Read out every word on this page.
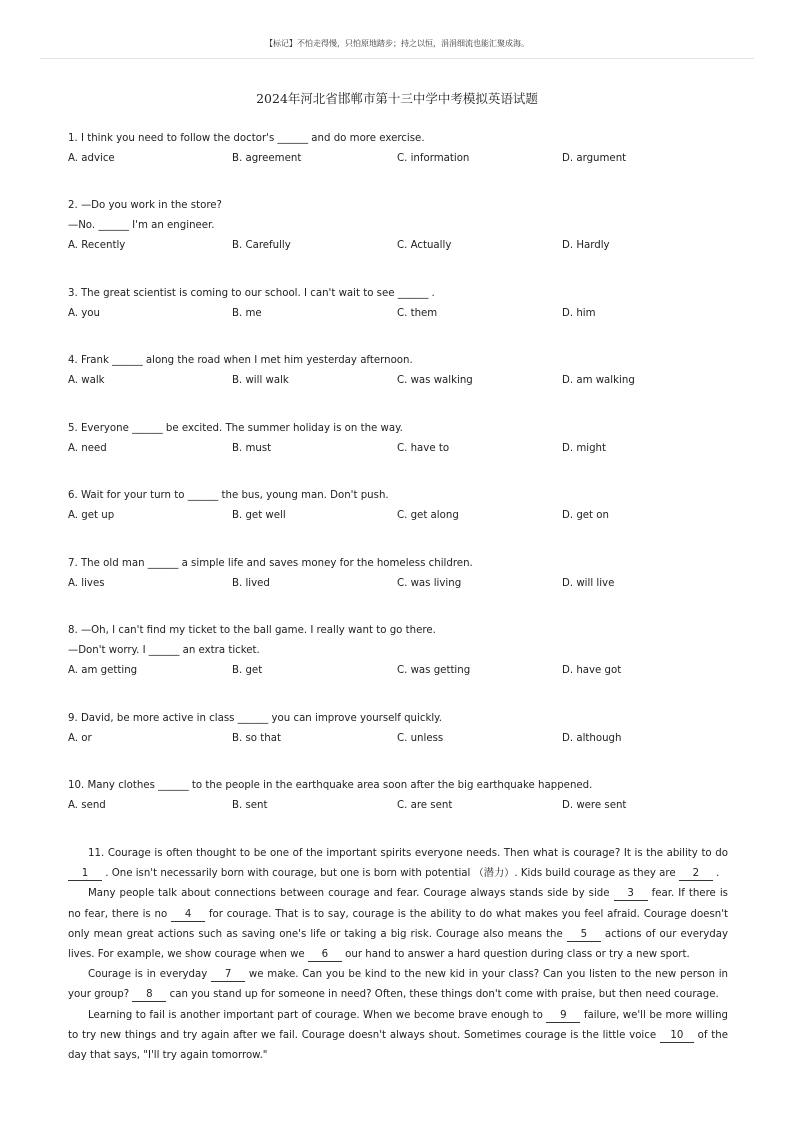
【标记】不怕走得慢，只怕原地踏步；持之以恒，涓涓细流也能汇聚成海。
2024年河北省邯郸市第十三中学中考模拟英语试题
1. I think you need to follow the doctor's ______ and do more exercise.
A. advice	B. agreement	C. information	D. argument
2. —Do you work in the store?
—No. ______ I'm an engineer.
A. Recently	B. Carefully	C. Actually	D. Hardly
3. The great scientist is coming to our school. I can't wait to see ______ .
A. you	B. me	C. them	D. him
4. Frank ______ along the road when I met him yesterday afternoon.
A. walk	B. will walk	C. was walking	D. am walking
5. Everyone ______ be excited. The summer holiday is on the way.
A. need	B. must	C. have to	D. might
6. Wait for your turn to ______ the bus, young man. Don't push.
A. get up	B. get well	C. get along	D. get on
7. The old man ______ a simple life and saves money for the homeless children.
A. lives	B. lived	C. was living	D. will live
8. —Oh, I can't find my ticket to the ball game. I really want to go there.
—Don't worry. I ______ an extra ticket.
A. am getting	B. get	C. was getting	D. have got
9. David, be more active in class ______ you can improve yourself quickly.
A. or	B. so that	C. unless	D. although
10. Many clothes ______ to the people in the earthquake area soon after the big earthquake happened.
A. send	B. sent	C. are sent	D. were sent

11. Courage is often thought to be one of the important spirits everyone needs. Then what is courage? It is the ability to do 1 . One isn't necessarily born with courage, but one is born with potential （潜力）. Kids build courage as they are 2 .

Many people talk about connections between courage and fear. Courage always stands side by side 3 fear. If there is no fear, there is no 4 for courage. That is to say, courage is the ability to do what makes you feel afraid. Courage doesn't only mean great actions such as saving one's life or taking a big risk. Courage also means the 5 actions of our everyday lives. For example, we show courage when we 6 our hand to answer a hard question during class or try a new sport.

Courage is in everyday 7 we make. Can you be kind to the new kid in your class? Can you listen to the new person in your group? 8 can you stand up for someone in need? Often, these things don't come with praise, but then need courage.

Learning to fail is another important part of courage. When we become brave enough to 9 failure, we'll be more willing to try new things and try again after we fail. Courage doesn't always shout. Sometimes courage is the little voice 10 of the day that says, "I'll try again tomorrow."
